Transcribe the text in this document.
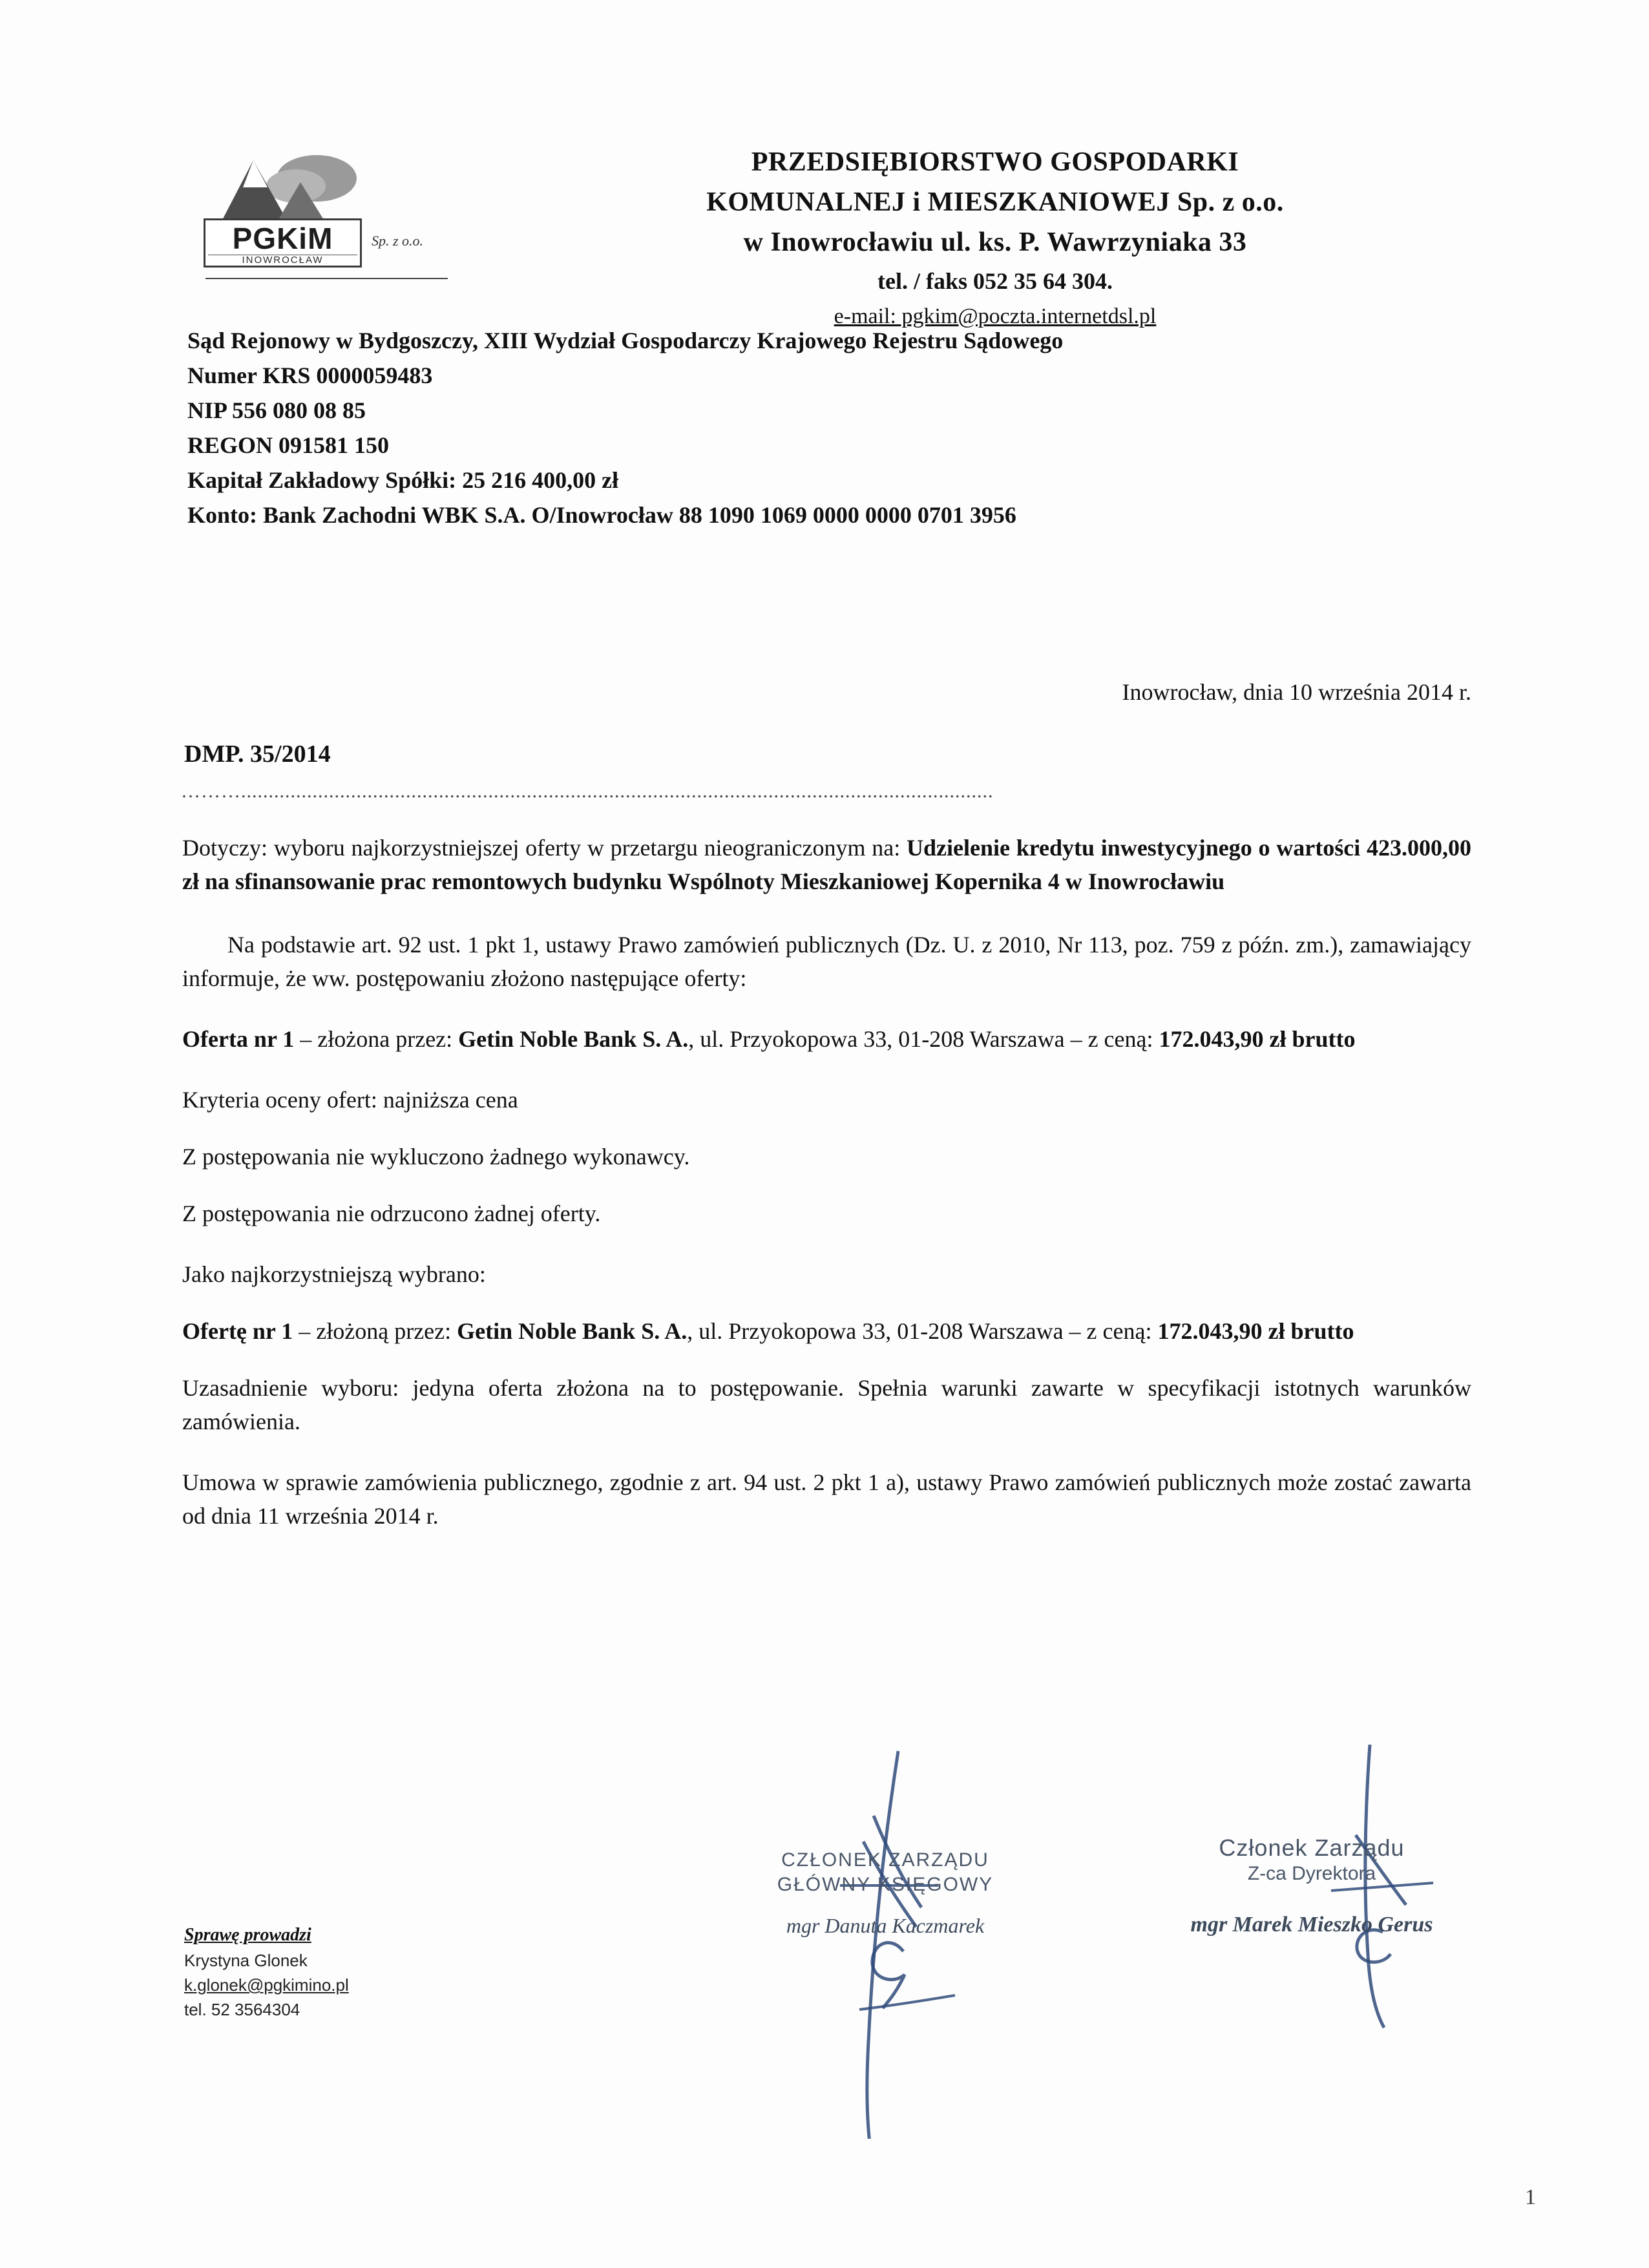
PGKiM
INOWROCŁAW
Sp. z o.o.
PRZEDSIĘBIORSTWO GOSPODARKI
KOMUNALNEJ i MIESZKANIOWEJ Sp. z o.o.
w Inowrocławiu ul. ks. P. Wawrzyniaka 33
tel. / faks 052 35 64 304.
e-mail: pgkim@poczta.internetdsl.pl
Sąd Rejonowy w Bydgoszczy, XIII Wydział Gospodarczy Krajowego Rejestru Sądowego
Numer KRS 0000059483
NIP 556 080 08 85
REGON 091581 150
Kapitał Zakładowy Spółki: 25 216 400,00 zł
Konto: Bank Zachodni WBK S.A. O/Inowrocław 88 1090 1069 0000 0000 0701 3956
……….........................................................................................................................................
Inowrocław, dnia 10 września 2014 r.
DMP. 35/2014

Dotyczy: wyboru najkorzystniejszej oferty w przetargu nieograniczonym na: Udzielenie kredytu inwestycyjnego o wartości 423.000,00 zł na sfinansowanie prac remontowych budynku Wspólnoty Mieszkaniowej Kopernika 4 w Inowrocławiu

Na podstawie art. 92 ust. 1 pkt 1, ustawy Prawo zamówień publicznych (Dz. U. z 2010, Nr 113, poz. 759 z późn. zm.), zamawiający informuje, że ww. postępowaniu złożono następujące oferty:

Oferta nr 1 – złożona przez: Getin Noble Bank S. A., ul. Przyokopowa 33, 01-208 Warszawa – z ceną: 172.043,90 zł brutto

Kryteria oceny ofert: najniższa cena

Z postępowania nie wykluczono żadnego wykonawcy.

Z postępowania nie odrzucono żadnej oferty.

Jako najkorzystniejszą wybrano:

Ofertę nr 1 – złożoną przez: Getin Noble Bank S. A., ul. Przyokopowa 33, 01-208 Warszawa – z ceną: 172.043,90 zł brutto

Uzasadnienie wyboru: jedyna oferta złożona na to postępowanie. Spełnia warunki zawarte w specyfikacji istotnych warunków zamówienia.

Umowa w sprawie zamówienia publicznego, zgodnie z art. 94 ust. 2 pkt 1 a), ustawy Prawo zamówień publicznych może zostać zawarta od dnia 11 września 2014 r.

CZŁONEK ZARZĄDU
GŁÓWNY KSIĘGOWY
mgr Danuta Kaczmarek
Członek Zarządu
Z-ca Dyrektora
mgr Marek Mieszko Gerus
Sprawę prowadzi
Krystyna Glonek
k.glonek@pgkimino.pl
tel. 52 3564304
1
